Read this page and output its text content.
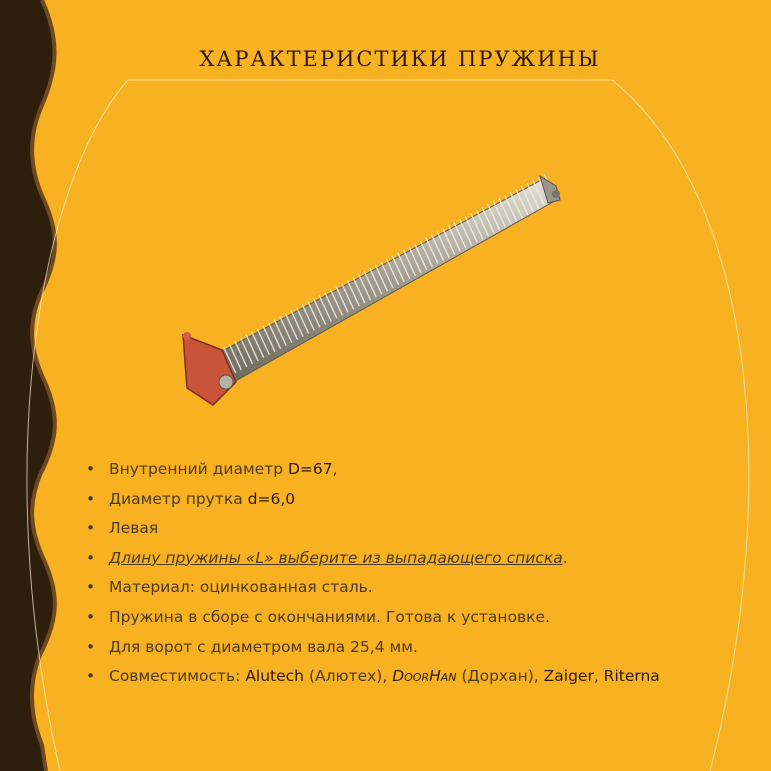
ХАРАКТЕРИСТИКИ ПРУЖИНЫ
• Внутренний диаметр D=67,
• Диаметр прутка d=6,0
• Левая
• Длину пружины «L» выберите из выпадающего списка.
• Материал: оцинкованная сталь.
• Пружина в сборе с окончаниями. Готова к установке.
• Для ворот с диаметром вала 25,4 мм.
• Совместимость: Alutech (Алютех), DOORHAN (Дорхан), Zaiger, Riterna
